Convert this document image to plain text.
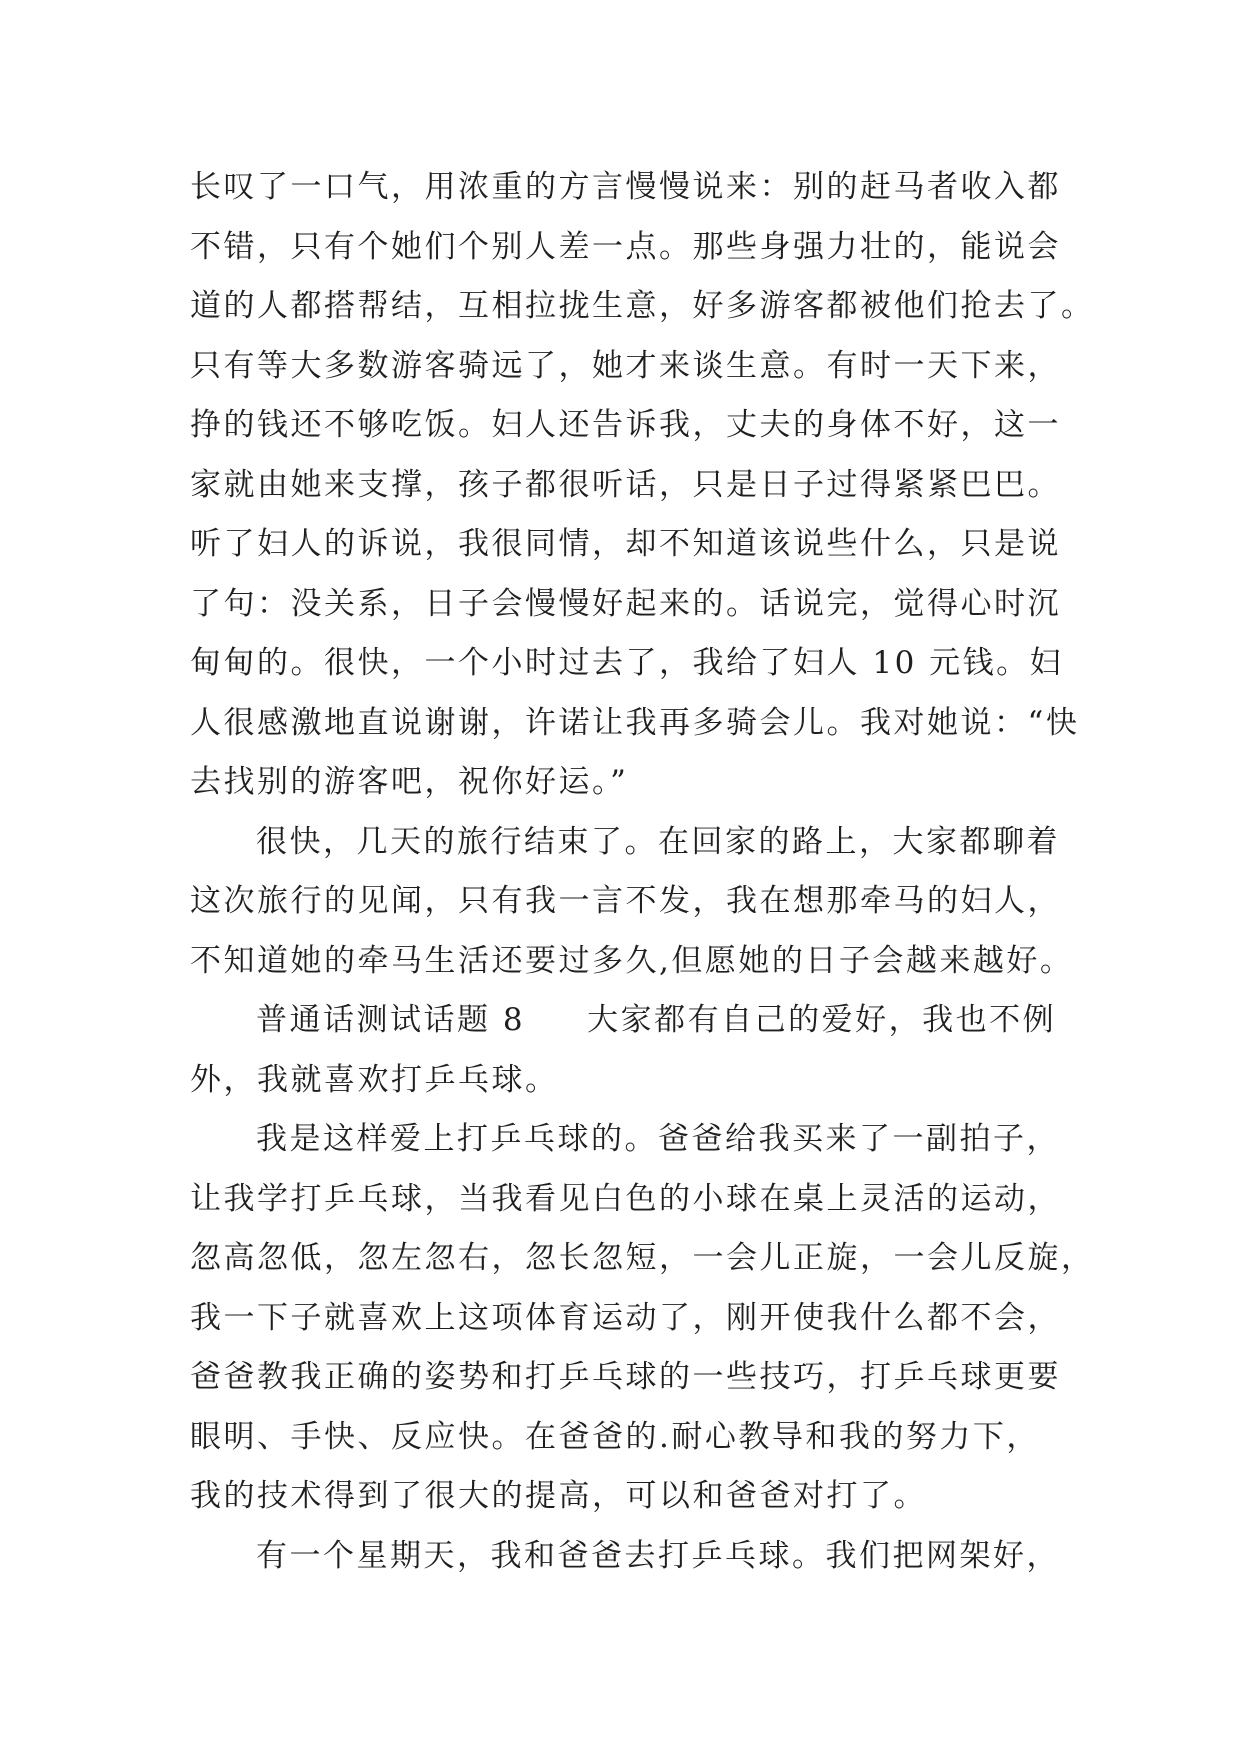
长叹了一口气，用浓重的方言慢慢说来：别的赶马者收入都
不错，只有个她们个别人差一点。那些身强力壮的，能说会
道的人都搭帮结，互相拉拢生意，好多游客都被他们抢去了。
只有等大多数游客骑远了，她才来谈生意。有时一天下来，
挣的钱还不够吃饭。妇人还告诉我，丈夫的身体不好，这一
家就由她来支撑，孩子都很听话，只是日子过得紧紧巴巴。
听了妇人的诉说，我很同情，却不知道该说些什么，只是说
了句：没关系，日子会慢慢好起来的。话说完，觉得心时沉
甸甸的。很快，一个小时过去了，我给了妇人 10 元钱。妇
人很感激地直说谢谢，许诺让我再多骑会儿。我对她说：“快
去找别的游客吧，祝你好运。”
很快，几天的旅行结束了。在回家的路上，大家都聊着
这次旅行的见闻，只有我一言不发，我在想那牵马的妇人，
不知道她的牵马生活还要过多久,但愿她的日子会越来越好。
普通话测试话题 8 大家都有自己的爱好，我也不例
外，我就喜欢打乒乓球。
我是这样爱上打乒乓球的。爸爸给我买来了一副拍子，
让我学打乒乓球，当我看见白色的小球在桌上灵活的运动，
忽高忽低，忽左忽右，忽长忽短，一会儿正旋，一会儿反旋，
我一下子就喜欢上这项体育运动了，刚开使我什么都不会，
爸爸教我正确的姿势和打乒乓球的一些技巧，打乒乓球更要
眼明、手快、反应快。在爸爸的.耐心教导和我的努力下，
我的技术得到了很大的提高，可以和爸爸对打了。
有一个星期天，我和爸爸去打乒乓球。我们把网架好，
